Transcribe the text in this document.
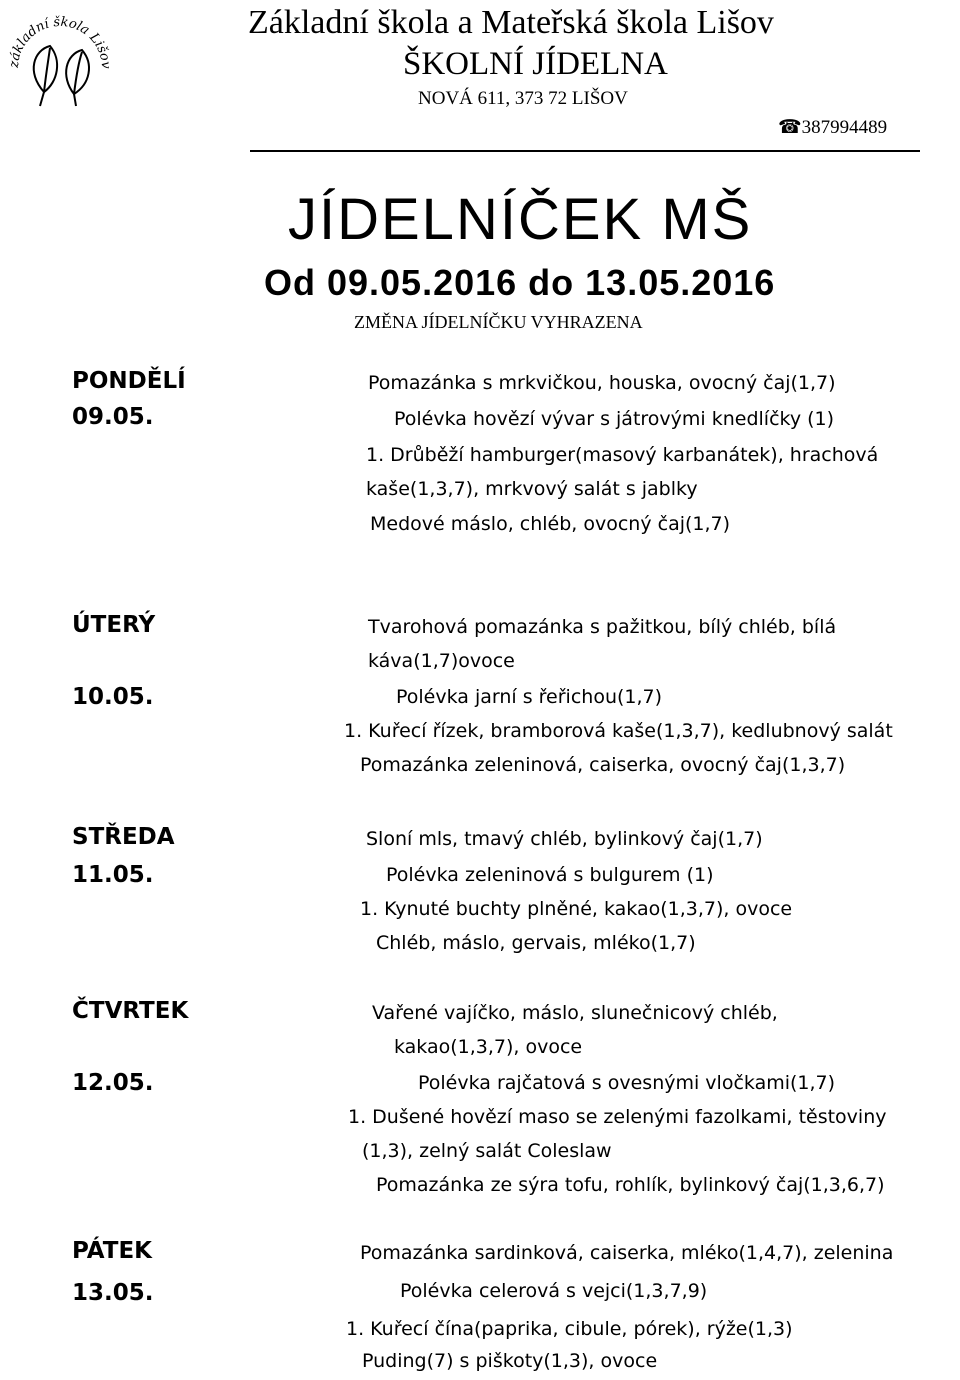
základní škola Lišov
Základní škola a Mateřská škola Lišov
ŠKOLNÍ JÍDELNA
NOVÁ 611, 373 72 LIŠOV
☎387994489
JÍDELNÍČEK MŠ
Od 09.05.2016 do 13.05.2016
ZMĚNA JÍDELNÍČKU VYHRAZENA
PONDĚLÍ
09.05.
Pomazánka s mrkvičkou, houska, ovocný čaj(1,7)
Polévka hovězí vývar s játrovými knedlíčky (1)
1. Drůběží hamburger(masový karbanátek), hrachová
kaše(1,3,7), mrkvový salát s jablky
Medové máslo, chléb, ovocný čaj(1,7)
ÚTERÝ
10.05.
Tvarohová pomazánka s pažitkou, bílý chléb, bílá
káva(1,7)ovoce
Polévka jarní s řeřichou(1,7)
1. Kuřecí řízek, bramborová kaše(1,3,7), kedlubnový salát
Pomazánka zeleninová, caiserka, ovocný čaj(1,3,7)
STŘEDA
11.05.
Sloní mls, tmavý chléb, bylinkový čaj(1,7)
Polévka zeleninová s bulgurem (1)
1. Kynuté buchty plněné, kakao(1,3,7), ovoce
Chléb, máslo, gervais, mléko(1,7)
ČTVRTEK
12.05.
Vařené vajíčko, máslo, slunečnicový chléb,
kakao(1,3,7), ovoce
Polévka rajčatová s ovesnými vločkami(1,7)
1. Dušené hovězí maso se zelenými fazolkami, těstoviny
(1,3), zelný salát Coleslaw
Pomazánka ze sýra tofu, rohlík, bylinkový čaj(1,3,6,7)
PÁTEK
13.05.
Pomazánka sardinková, caiserka, mléko(1,4,7), zelenina
Polévka celerová s vejci(1,3,7,9)
1. Kuřecí čína(paprika, cibule, pórek), rýže(1,3)
Puding(7) s piškoty(1,3), ovoce
